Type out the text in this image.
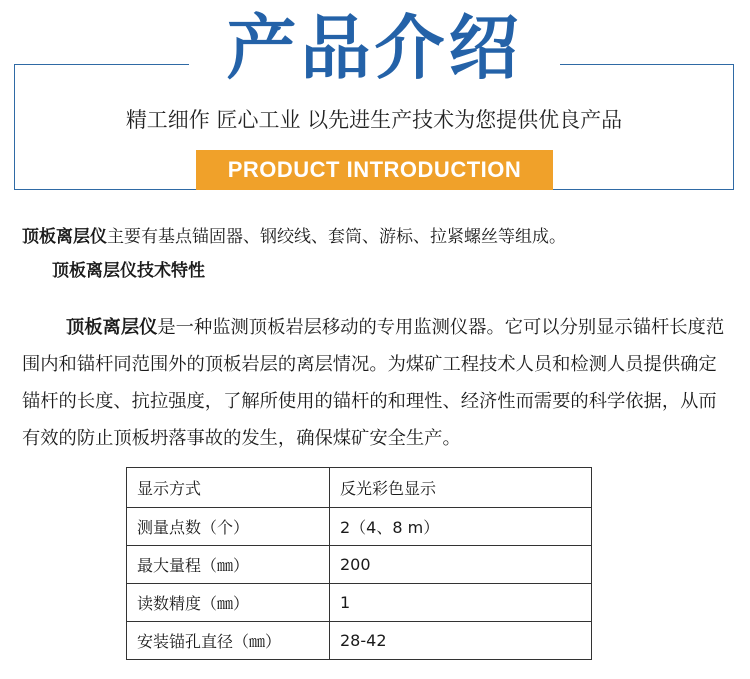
产品介绍
精工细作 匠心工业 以先进生产技术为您提供优良产品
PRODUCT INTRODUCTION
顶板离层仪主要有基点锚固器、钢绞线、套筒、游标、拉紧螺丝等组成。
顶板离层仪技术特性

顶板离层仪是一种监测顶板岩层移动的专用监测仪器。它可以分别显示锚杆长度范围内和锚杆同范围外的顶板岩层的离层情况。为煤矿工程技术人员和检测人员提供确定锚杆的长度、抗拉强度，了解所使用的锚杆的和理性、经济性而需要的科学依据，从而有效的防止顶板坍落事故的发生，确保煤矿安全生产。

显示方式	反光彩色显示
测量点数（个）	2（4、8 m）
最大量程（㎜）	200
读数精度（㎜）	1
安装锚孔直径（㎜）	28-42
